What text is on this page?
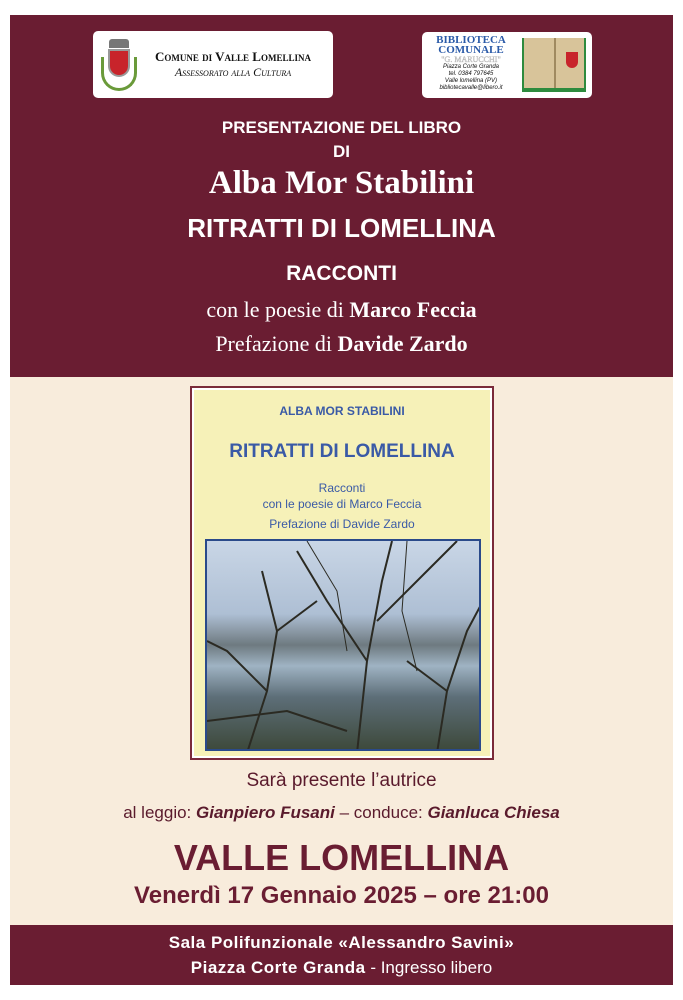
Comune di Valle Lomellina
Assessorato alla Cultura
BIBLIOTECA
COMUNALE
"G. MARUCCHI"
Piazza Corte Granda
tel. 0384 797645
Valle lomellina (PV)
bibliotecavalle@libero.it
PRESENTAZIONE DEL LIBRO
DI
Alba Mor Stabilini
RITRATTI DI LOMELLINA
RACCONTI
con le poesie di Marco Feccia
Prefazione di Davide Zardo
ALBA MOR STABILINI
RITRATTI DI LOMELLINA
Racconti
con le poesie di Marco Feccia
Prefazione di Davide Zardo
Sarà presente l’autrice
al leggio: Gianpiero Fusani – conduce: Gianluca Chiesa
VALLE LOMELLINA
Venerdì 17 Gennaio 2025 – ore 21:00
Sala Polifunzionale «Alessandro Savini»
Piazza Corte Granda - Ingresso libero
